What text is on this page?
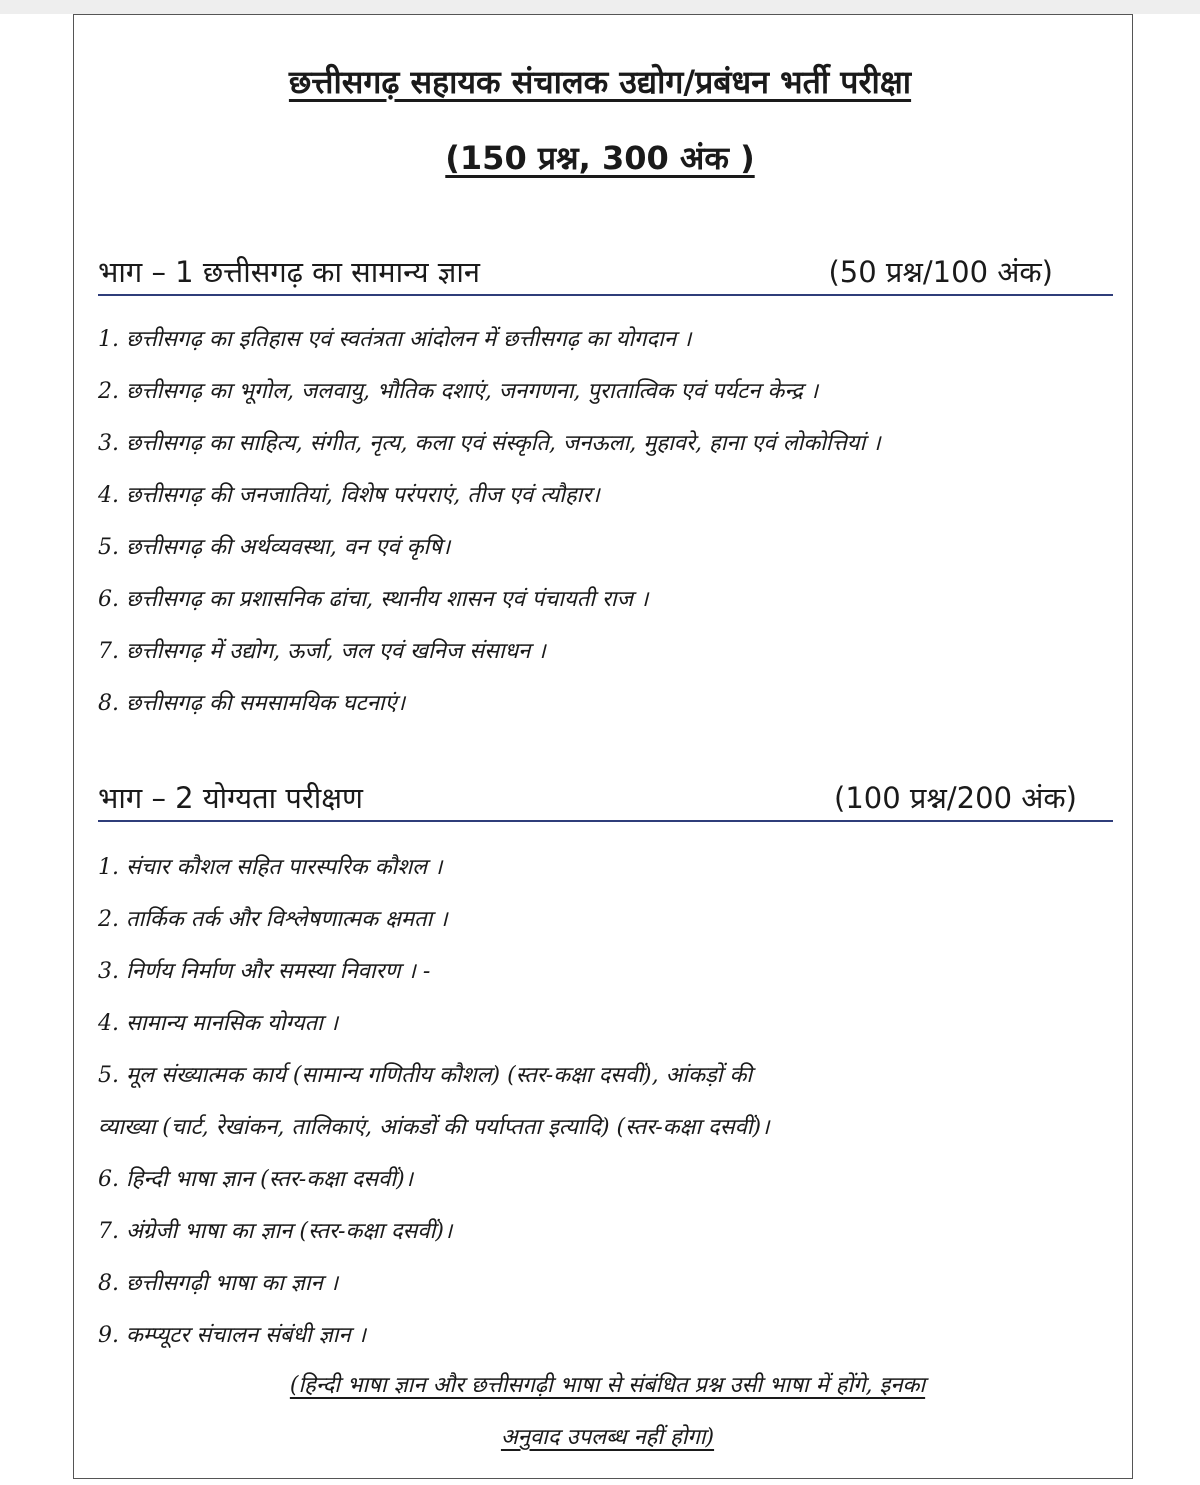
छत्तीसगढ़ सहायक संचालक उद्योग/प्रबंधन भर्ती परीक्षा
(150 प्रश्न, 300 अंक )
भाग – 1 छत्तीसगढ़ का सामान्य ज्ञान	(50 प्रश्न/100 अंक)
1. छत्तीसगढ़ का इतिहास एवं स्वतंत्रता आंदोलन में छत्तीसगढ़ का योगदान ।
2. छत्तीसगढ़ का भूगोल, जलवायु, भौतिक दशाएं, जनगणना, पुरातात्विक एवं पर्यटन केन्द्र ।
3. छत्तीसगढ़ का साहित्य, संगीत, नृत्य, कला एवं संस्कृति, जनऊला, मुहावरे, हाना एवं लोकोत्तियां ।
4. छत्तीसगढ़ की जनजातियां, विशेष परंपराएं, तीज एवं त्यौहार।
5. छत्तीसगढ़ की अर्थव्यवस्था, वन एवं कृषि।
6. छत्तीसगढ़ का प्रशासनिक ढांचा, स्थानीय शासन एवं पंचायती राज ।
7. छत्तीसगढ़ में उद्योग, ऊर्जा, जल एवं खनिज संसाधन ।
8. छत्तीसगढ़ की समसामयिक घटनाएं।
भाग – 2 योग्यता परीक्षण	(100 प्रश्न/200 अंक)
1. संचार कौशल सहित पारस्परिक कौशल ।
2. तार्किक तर्क और विश्लेषणात्मक क्षमता ।
3. निर्णय निर्माण और समस्या निवारण । -
4. सामान्य मानसिक योग्यता ।
5. मूल संख्यात्मक कार्य (सामान्य गणितीय कौशल) (स्तर-कक्षा दसवीं), आंकड़ों की
व्याख्या (चार्ट, रेखांकन, तालिकाएं, आंकडों की पर्याप्तता इत्यादि) (स्तर-कक्षा दसवीं)।
6. हिन्दी भाषा ज्ञान (स्तर-कक्षा दसवीं)।
7. अंग्रेजी भाषा का ज्ञान (स्तर-कक्षा दसवीं)।
8. छत्तीसगढ़ी भाषा का ज्ञान ।
9. कम्प्यूटर संचालन संबंधी ज्ञान ।
(हिन्दी भाषा ज्ञान और छत्तीसगढ़ी भाषा से संबंधित प्रश्न उसी भाषा में होंगे, इनका
अनुवाद उपलब्ध नहीं होगा)
